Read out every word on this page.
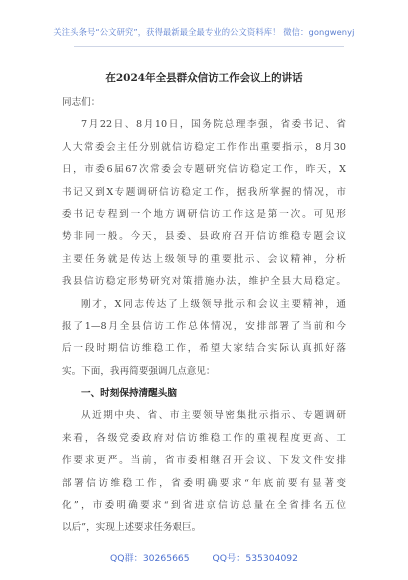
关注头条号“公文研究”，获得最新最全最专业的公文资料库！ 微信：gongwenyj
在2024年全县群众信访工作会议上的讲话
同志们：
7月22日、8月10日，国务院总理李强，省委书记、省
人大常委会主任分别就信访稳定工作作出重要指示，8月30
日，市委6届67次常委会专题研究信访稳定工作，昨天，X
书记又到X专题调研信访稳定工作，据我所掌握的情况，市
委书记专程到一个地方调研信访工作这是第一次。可见形
势非同一般。今天，县委、县政府召开信访维稳专题会议
主要任务就是传达上级领导的重要批示、会议精神，分析
我县信访稳定形势研究对策措施办法，维护全县大局稳定。
刚才，X同志传达了上级领导批示和会议主要精神，通
报了1—8月全县信访工作总体情况，安排部署了当前和今
后一段时期信访维稳工作，希望大家结合实际认真抓好落
实。下面，我再简要强调几点意见：
一、时刻保持清醒头脑
从近期中央、省、市主要领导密集批示指示、专题调研
来看，各级党委政府对信访维稳工作的重视程度更高、工
作要求更严。当前，省市委相继召开会议、下发文件安排
部署信访维稳工作，省委明确要求“年底前要有显著变
化”，市委明确要求“到省进京信访总量在全省排名五位
以后”，实现上述要求任务艰巨。
QQ群：30265665 QQ号：535304092
